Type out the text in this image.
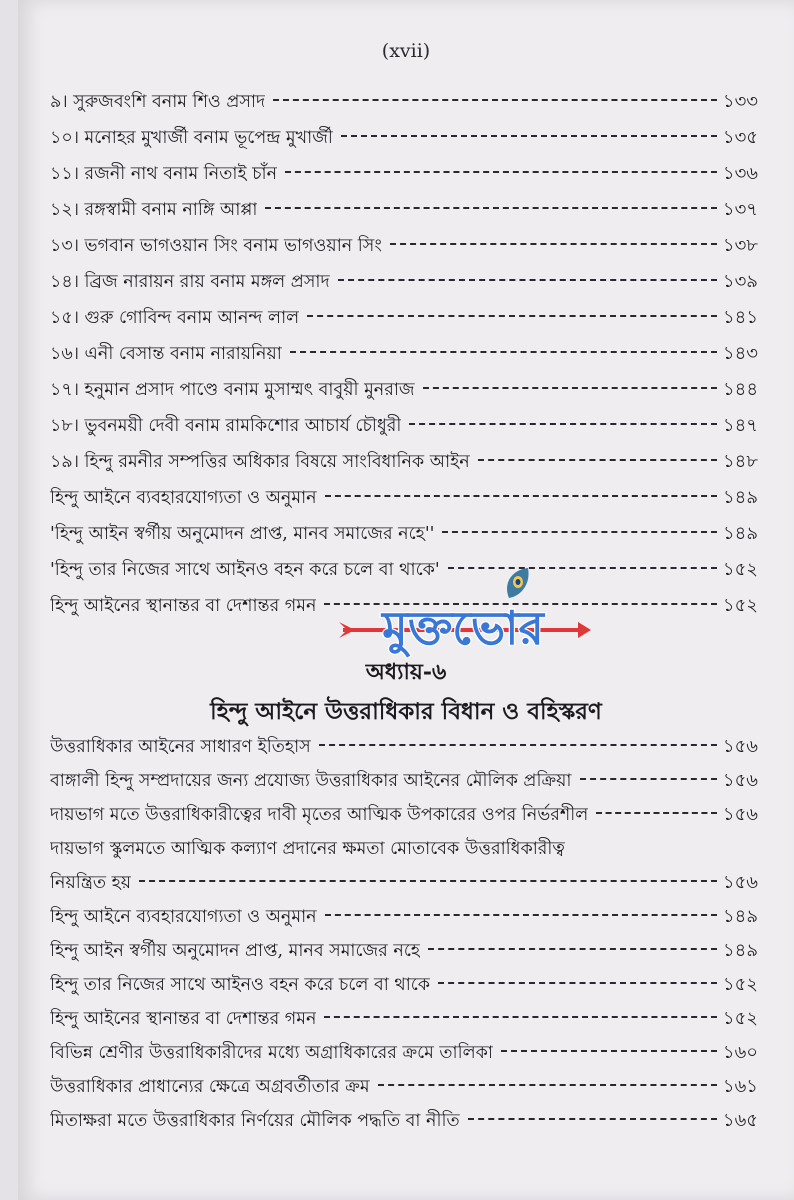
(xvii)
৯। সুরুজবংশি বনাম শিও প্রসাদ	১৩৩
১০। মনোহর মুখার্জী বনাম ভূপেন্দ্র মুখার্জী	১৩৫
১১। রজনী নাথ বনাম নিতাই চাঁন	১৩৬
১২। রঙ্গস্বামী বনাম নাঙ্গি আপ্পা	১৩৭
১৩। ভগবান ভাগওয়ান সিং বনাম ভাগওয়ান সিং	১৩৮
১৪। ব্রিজ নারায়ন রায় বনাম মঙ্গল প্রসাদ	১৩৯
১৫। গুরু গোবিন্দ বনাম আনন্দ লাল	১৪১
১৬। এনী বেসান্ত বনাম নারায়নিয়া	১৪৩
১৭। হনুমান প্রসাদ পাণ্ডে বনাম মুসাম্মৎ বাবুয়ী মুনরাজ	১৪৪
১৮। ভুবনময়ী দেবী বনাম রামকিশোর আচার্য চৌধুরী	১৪৭
১৯। হিন্দু রমনীর সম্পত্তির অধিকার বিষয়ে সাংবিধানিক আইন	১৪৮
হিন্দু আইনে ব্যবহারযোগ্যতা ও অনুমান	১৪৯
'হিন্দু আইন স্বর্গীয় অনুমোদন প্রাপ্ত, মানব সমাজের নহে''	১৪৯
'হিন্দু তার নিজের সাথে আইনও বহন করে চলে বা থাকে'	১৫২
হিন্দু আইনের স্থানান্তর বা দেশান্তর গমন	১৫২
অধ্যায়-৬
হিন্দু আইনে উত্তরাধিকার বিধান ও বহিস্করণ
উত্তরাধিকার আইনের সাধারণ ইতিহাস	১৫৬
বাঙ্গালী হিন্দু সম্প্রদায়ের জন্য প্রযোজ্য উত্তরাধিকার আইনের মৌলিক প্রক্রিয়া	১৫৬
দায়ভাগ মতে উত্তরাধিকারীত্বের দাবী মৃতের আত্মিক উপকারের ওপর নির্ভরশীল	১৫৬
দায়ভাগ স্কুলমতে আত্মিক কল্যাণ প্রদানের ক্ষমতা মোতাবেক উত্তরাধিকারীত্ব
নিয়ন্ত্রিত হয়	১৫৬
হিন্দু আইনে ব্যবহারযোগ্যতা ও অনুমান	১৪৯
হিন্দু আইন স্বর্গীয় অনুমোদন প্রাপ্ত, মানব সমাজের নহে	১৪৯
হিন্দু তার নিজের সাথে আইনও বহন করে চলে বা থাকে	১৫২
হিন্দু আইনের স্থানান্তর বা দেশান্তর গমন	১৫২
বিভিন্ন শ্রেণীর উত্তরাধিকারীদের মধ্যে অগ্রাধিকারের ক্রমে তালিকা	১৬০
উত্তরাধিকার প্রাধান্যের ক্ষেত্রে অগ্রবর্তীতার ক্রম	১৬১
মিতাক্ষরা মতে উত্তরাধিকার নির্ণয়ের মৌলিক পদ্ধতি বা নীতি	১৬৫
মুক্তভোর
